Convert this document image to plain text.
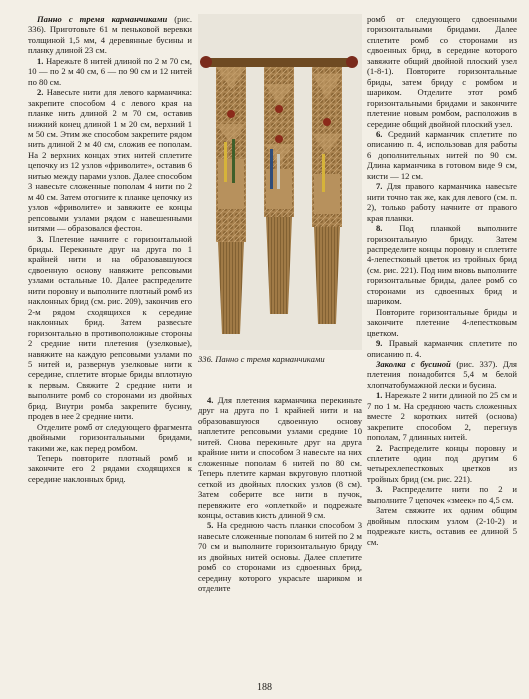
Панно с тремя карманчиками (рис. 336). Приготовьте 61 м пеньковой веревки толщиной 1,5 мм, 4 деревянные бусины и планку длиной 23 см.

1. Нарежьте 8 нитей длиной по 2 м 70 см, 10 — по 2 м 40 см, 6 — по 90 см и 12 нитей по 80 см.

2. Навесьте нити для левого карманчика: закрепите способом 4 с левого края на планке нить длиной 2 м 70 см, оставив нижний конец длиной 1 м 20 см, верхний 1 м 50 см. Этим же способом закрепите рядом нить длиной 2 м 40 см, сложив ее пополам. На 2 верхних концах этих нитей сплетите цепочку из 12 узлов «фриволите», оставив 6 нитью между парами узлов. Далее способом 3 навесьте сложенные пополам 4 нити по 2 м 40 см. Затем отогните к планке цепочку из узлов «фриволите» и завяжите ее концы репсовыми узлами рядом с навешенными нитями — образовался фестон.

3. Плетение начните с горизонтальной бриды. Перекиньте друг на друга по 1 крайней нити и на образовавшуюся сдвоенную основу навяжите репсовыми узлами остальные 10. Далее распределите нити поровну и выполните плотный ромб из наклонных брид (см. рис. 209), закончив его 2-м рядом сходящихся к середине наклонных брид. Затем развесьте горизонтально в противоположные стороны 2 средние нити плетения (узелковые), навяжите на каждую репсовыми узлами по 5 нитей и, развернув узелковые нити к середине, сплетите вторые бриды вплотную к первым. Свяжите 2 средние нити и выполните ромб со сторонами из двойных брид. Внутри ромба закрепите бусину, продев в нее 2 средние нити.

Отделите ромб от следующего фрагмента двойными горизонтальными бридами, такими же, как перед ромбом.

Теперь повторите плотный ромб и закончите его 2 рядами сходящихся к середине наклонных брид.

336. Панно с тремя карманчиками

4. Для плетения карманчика перекиньте друг на друга по 1 крайней нити и на образовавшуюся сдвоенную основу наплетите репсовыми узлами средние 10 нитей. Снова перекиньте друг на друга крайние нити и способом 3 навесьте на них сложенные пополам 6 нитей по 80 см. Теперь плетите карман вкруговую плотной сеткой из двойных плоских узлов (8 см). Затем соберите все нити в пучок, перевяжите его «оплеткой» и подрежьте концы, оставив кисть длиной 9 см.

5. На среднюю часть планки способом 3 навесьте сложенные пополам 6 нитей по 2 м 70 см и выполните горизонтальную бриду из двойных нитей основы. Далее сплетите ромб со сторонами из сдвоенных брид, середину которого украсьте шариком и отделите

ромб от следующего сдвоенными горизонтальными бридами. Далее сплетите ромб со сторонами из сдвоенных брид, в середине которого завяжите общий двойной плоский узел (1-8-1). Повторите горизонтальные бриды, затем бриду с ромбом и шариком. Отделите этот ромб горизонтальными бридами и закончите плетение новым ромбом, расположив в середине общий двойной плоский узел.

6. Средний карманчик сплетите по описанию п. 4, использовав для работы 6 дополнительных нитей по 90 см. Длина карманчика в готовом виде 9 см, кисти — 12 см.

7. Для правого карманчика навесьте нити точно так же, как для левого (см. п. 2), только работу начните от правого края планки.

8. Под планкой выполните горизонтальную бриду. Затем распределите концы поровну и сплетите 4-лепестковый цветок из тройных брид (см. рис. 221). Под ним вновь выполните горизонтальные бриды, далее ромб со сторонами из сдвоенных брид и шариком.

Повторите горизонтальные бриды и закончите плетение 4-лепестковым цветком.

9. Правый карманчик сплетите по описанию п. 4.

Заколка с бусиной (рис. 337). Для плетения понадобится 5,4 м белой хлопчатобумажной лески и бусина.

1. Нарежьте 2 нити длиной по 25 см и 7 по 1 м. На среднюю часть сложенных вместе 2 коротких нитей (основа) закрепите способом 2, перегнув пополам, 7 длинных нитей.

2. Распределите концы поровну и сплетите один под другим 6 четырехлепестковых цветков из тройных брид (см. рис. 221).

3. Распределите нити по 2 и выполните 7 цепочек «змеек» по 4,5 см.

Затем свяжите их одним общим двойным плоским узлом (2-10-2) и подрежьте кисть, оставив ее длиной 5 см.

188
